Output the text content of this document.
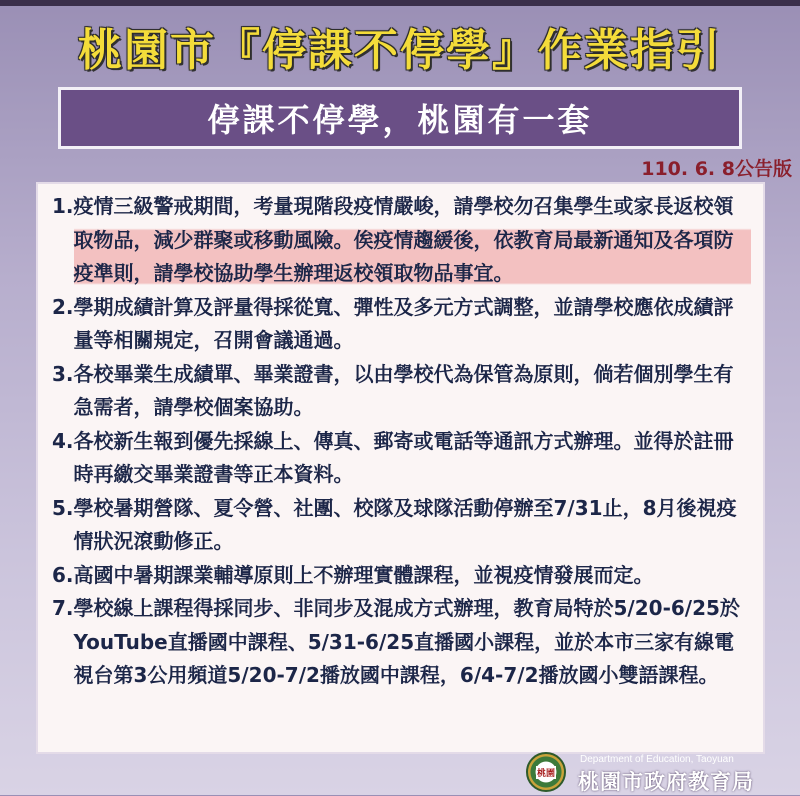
桃園市『停課不停學』作業指引
停課不停學，桃園有一套
110. 6. 8公告版
1. 疫情三級警戒期間，考量現階段疫情嚴峻，請學校勿召集學生或家長返校領取物品，減少群聚或移動風險。俟疫情趨緩後，依教育局最新通知及各項防疫準則，請學校協助學生辦理返校領取物品事宜。
2. 學期成績計算及評量得採從寬、彈性及多元方式調整，並請學校應依成績評量等相關規定，召開會議通過。
3. 各校畢業生成績單、畢業證書，以由學校代為保管為原則，倘若個別學生有急需者，請學校個案協助。
4. 各校新生報到優先採線上、傳真、郵寄或電話等通訊方式辦理。並得於註冊時再繳交畢業證書等正本資料。
5. 學校暑期營隊、夏令營、社團、校隊及球隊活動停辦至7/31止，8月後視疫情狀況滾動修正。
6. 高國中暑期課業輔導原則上不辦理實體課程，並視疫情發展而定。
7. 學校線上課程得採同步、非同步及混成方式辦理，教育局特於5/20-6/25於YouTube直播國中課程、5/31-6/25直播國小課程，並於本市三家有線電視台第3公用頻道5/20-7/2播放國中課程，6/4-7/2播放國小雙語課程。
桃園
Department of Education, Taoyuan
桃園市政府教育局
